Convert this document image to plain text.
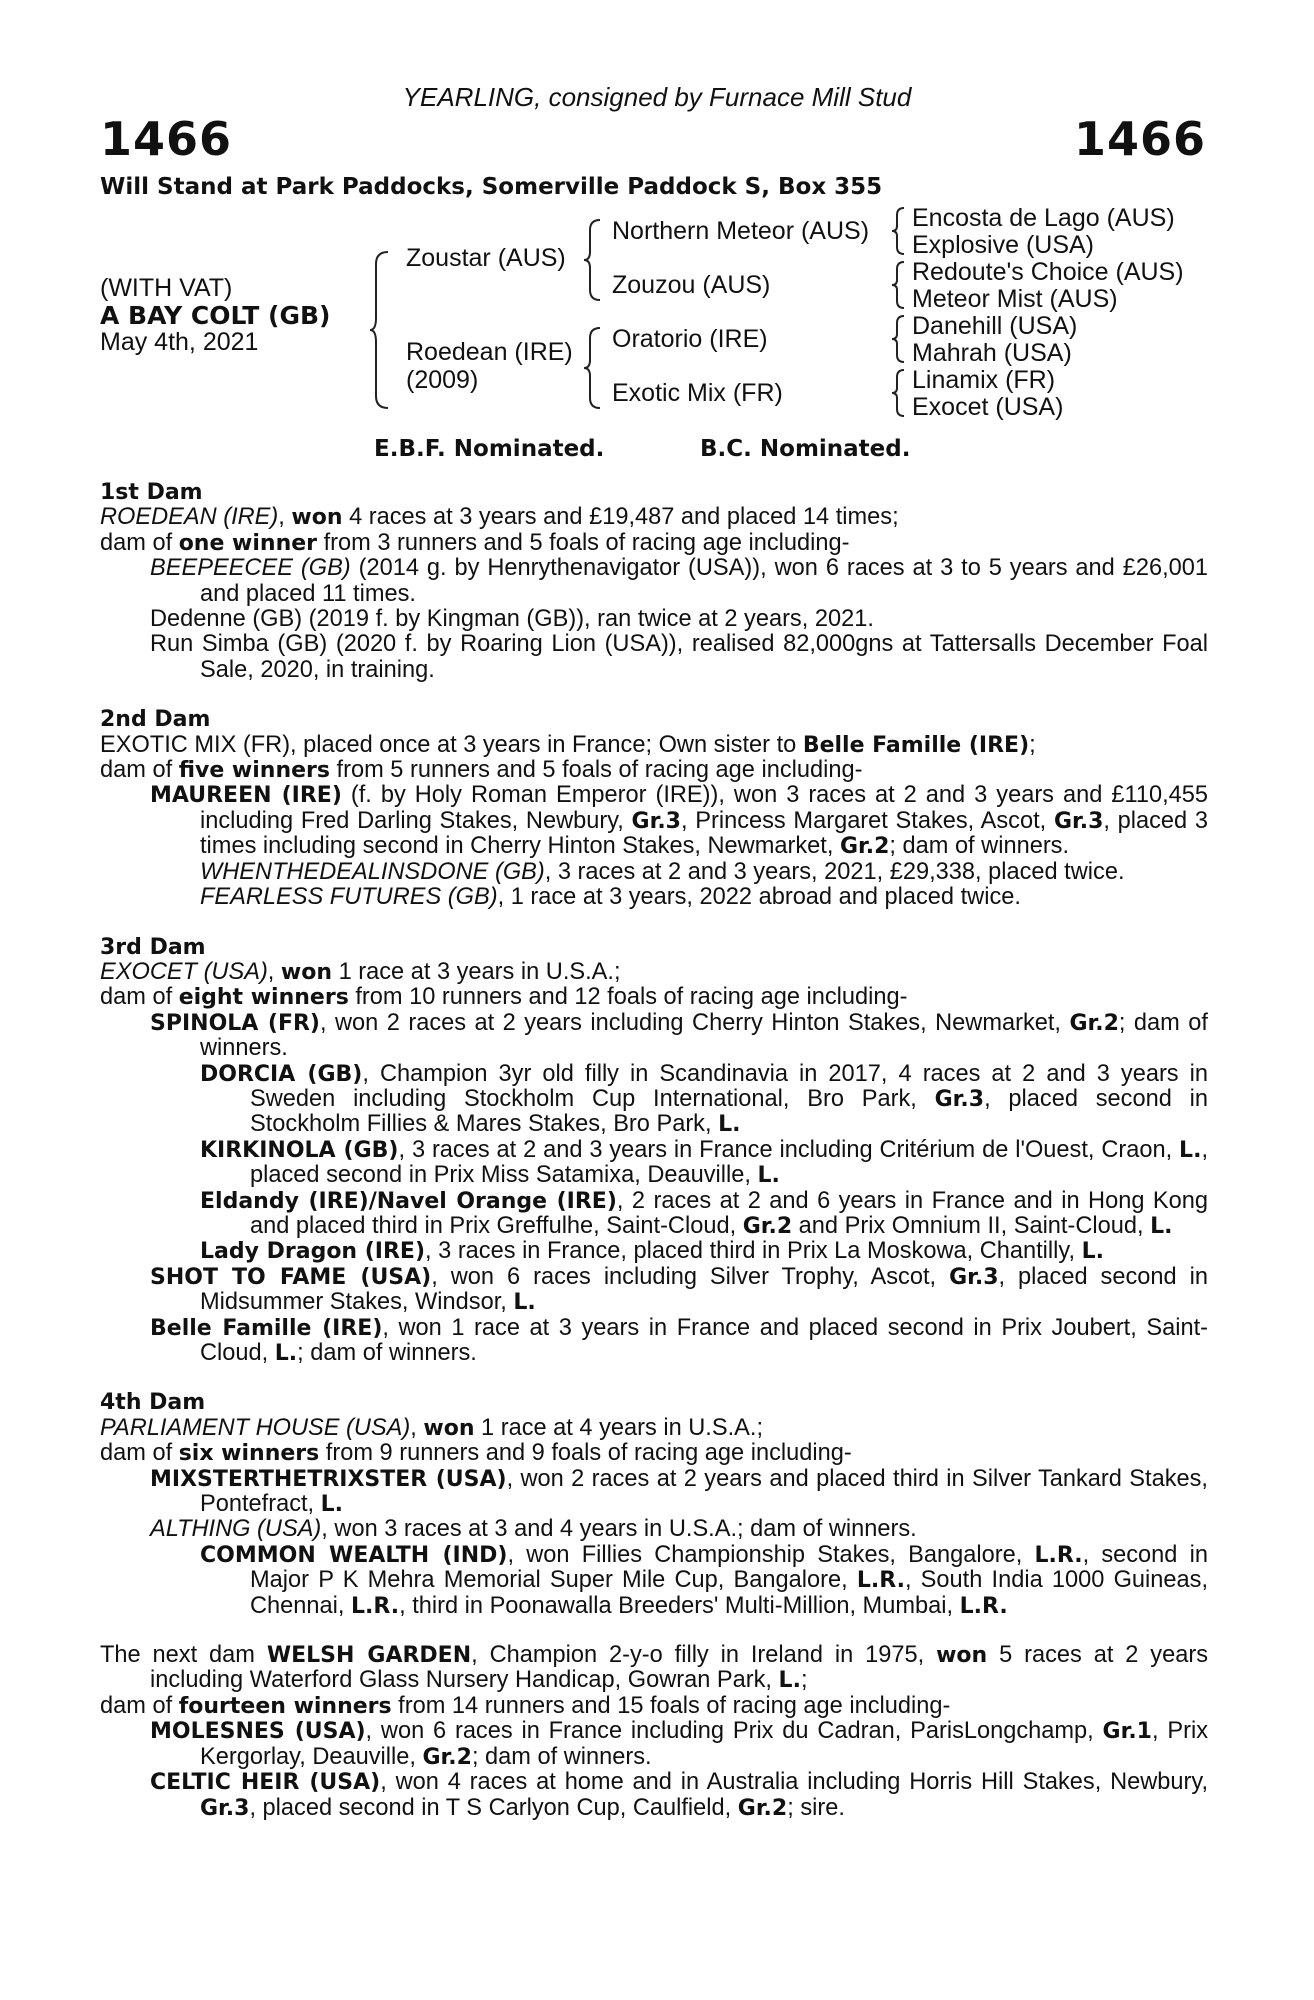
YEARLING, consigned by Furnace Mill Stud
1466	1466
Will Stand at Park Paddocks, Somerville Paddock S, Box 355
(WITH VAT)
A BAY COLT (GB)
May 4th, 2021
Zoustar (AUS)
Roedean (IRE)
(2009)
Northern Meteor (AUS)
Zouzou (AUS)
Oratorio (IRE)
Exotic Mix (FR)
Encosta de Lago (AUS)
Explosive (USA)
Redoute's Choice (AUS)
Meteor Mist (AUS)
Danehill (USA)
Mahrah (USA)
Linamix (FR)
Exocet (USA)
E.B.F. Nominated.	B.C. Nominated.
1st Dam
ROEDEAN (IRE), won 4 races at 3 years and £19,487 and placed 14 times;
dam of one winner from 3 runners and 5 foals of racing age including-
BEEPEECEE (GB) (2014 g. by Henrythenavigator (USA)), won 6 races at 3 to 5 years and £26,001 and placed 11 times.
Dedenne (GB) (2019 f. by Kingman (GB)), ran twice at 2 years, 2021.
Run Simba (GB) (2020 f. by Roaring Lion (USA)), realised 82,000gns at Tattersalls December Foal Sale, 2020, in training.
2nd Dam
EXOTIC MIX (FR), placed once at 3 years in France; Own sister to Belle Famille (IRE);
dam of five winners from 5 runners and 5 foals of racing age including-
MAUREEN (IRE) (f. by Holy Roman Emperor (IRE)), won 3 races at 2 and 3 years and £110,455 including Fred Darling Stakes, Newbury, Gr.3, Princess Margaret Stakes, Ascot, Gr.3, placed 3 times including second in Cherry Hinton Stakes, Newmarket, Gr.2; dam of winners.
WHENTHEDEALINSDONE (GB), 3 races at 2 and 3 years, 2021, £29,338, placed twice.
FEARLESS FUTURES (GB), 1 race at 3 years, 2022 abroad and placed twice.
3rd Dam
EXOCET (USA), won 1 race at 3 years in U.S.A.;
dam of eight winners from 10 runners and 12 foals of racing age including-
SPINOLA (FR), won 2 races at 2 years including Cherry Hinton Stakes, Newmarket, Gr.2; dam of winners.
DORCIA (GB), Champion 3yr old filly in Scandinavia in 2017, 4 races at 2 and 3 years in Sweden including Stockholm Cup International, Bro Park, Gr.3, placed second in Stockholm Fillies & Mares Stakes, Bro Park, L.
KIRKINOLA (GB), 3 races at 2 and 3 years in France including Critérium de l'Ouest, Craon, L., placed second in Prix Miss Satamixa, Deauville, L.
Eldandy (IRE)/Navel Orange (IRE), 2 races at 2 and 6 years in France and in Hong Kong and placed third in Prix Greffulhe, Saint-Cloud, Gr.2 and Prix Omnium II, Saint-Cloud, L.
Lady Dragon (IRE), 3 races in France, placed third in Prix La Moskowa, Chantilly, L.
SHOT TO FAME (USA), won 6 races including Silver Trophy, Ascot, Gr.3, placed second in Midsummer Stakes, Windsor, L.
Belle Famille (IRE), won 1 race at 3 years in France and placed second in Prix Joubert, Saint-Cloud, L.; dam of winners.
4th Dam
PARLIAMENT HOUSE (USA), won 1 race at 4 years in U.S.A.;
dam of six winners from 9 runners and 9 foals of racing age including-
MIXSTERTHETRIXSTER (USA), won 2 races at 2 years and placed third in Silver Tankard Stakes, Pontefract, L.
ALTHING (USA), won 3 races at 3 and 4 years in U.S.A.; dam of winners.
COMMON WEALTH (IND), won Fillies Championship Stakes, Bangalore, L.R., second in Major P K Mehra Memorial Super Mile Cup, Bangalore, L.R., South India 1000 Guineas, Chennai, L.R., third in Poonawalla Breeders' Multi-Million, Mumbai, L.R.
The next dam WELSH GARDEN, Champion 2-y-o filly in Ireland in 1975, won 5 races at 2 years including Waterford Glass Nursery Handicap, Gowran Park, L.;
dam of fourteen winners from 14 runners and 15 foals of racing age including-
MOLESNES (USA), won 6 races in France including Prix du Cadran, ParisLongchamp, Gr.1, Prix Kergorlay, Deauville, Gr.2; dam of winners.
CELTIC HEIR (USA), won 4 races at home and in Australia including Horris Hill Stakes, Newbury, Gr.3, placed second in T S Carlyon Cup, Caulfield, Gr.2; sire.
